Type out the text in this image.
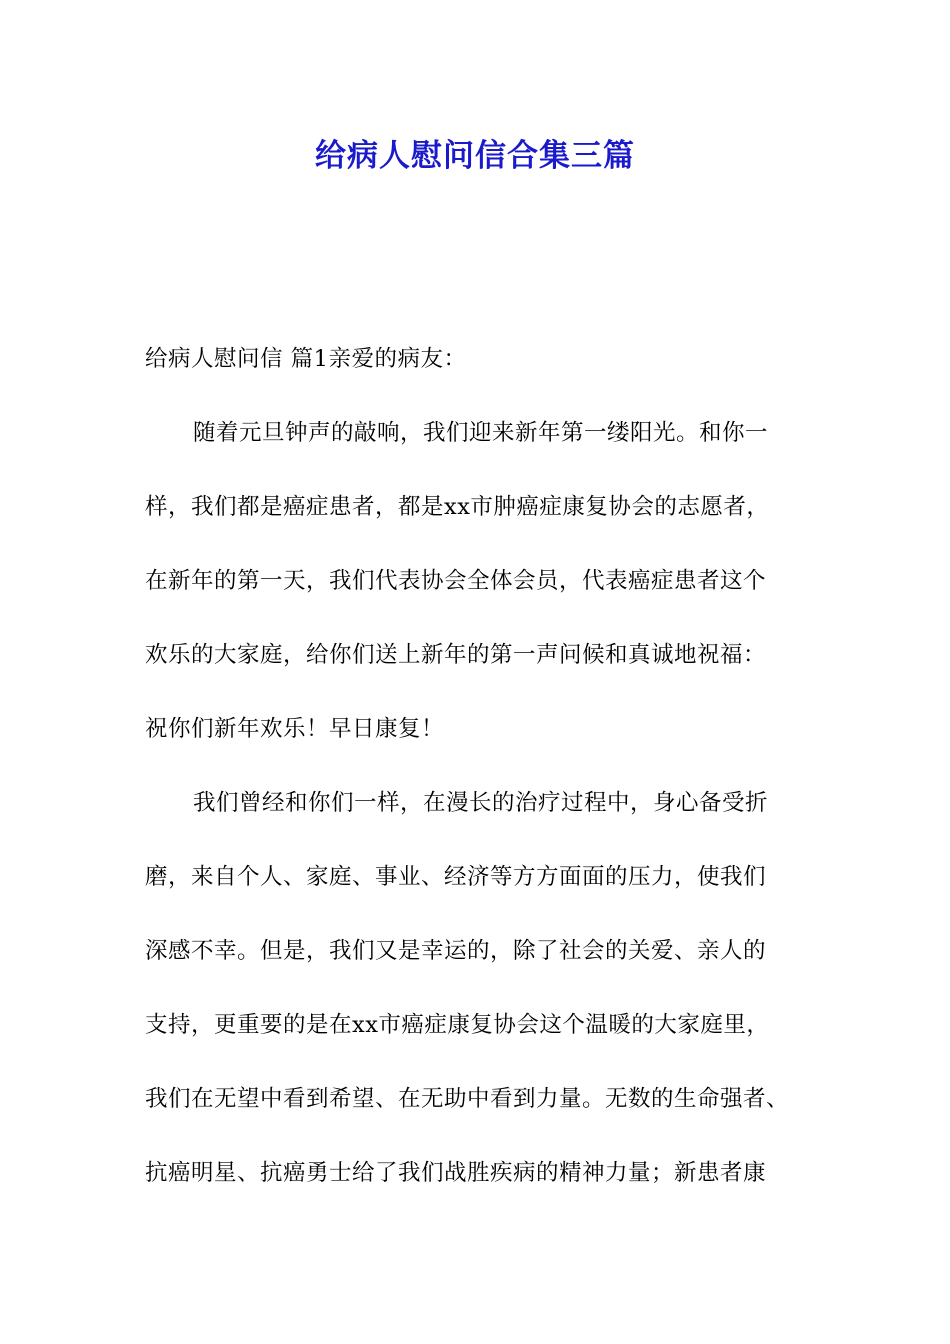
给病人慰问信合集三篇
给病人慰问信 篇1亲爱的病友：
随着元旦钟声的敲响，我们迎来新年第一缕阳光。和你一
样，我们都是癌症患者，都是xx市肿癌症康复协会的志愿者，
在新年的第一天，我们代表协会全体会员，代表癌症患者这个
欢乐的大家庭，给你们送上新年的第一声问候和真诚地祝福：
祝你们新年欢乐！早日康复！
我们曾经和你们一样，在漫长的治疗过程中，身心备受折
磨，来自个人、家庭、事业、经济等方方面面的压力，使我们
深感不幸。但是，我们又是幸运的，除了社会的关爱、亲人的
支持，更重要的是在xx市癌症康复协会这个温暖的大家庭里，
我们在无望中看到希望、在无助中看到力量。无数的生命强者、
抗癌明星、抗癌勇士给了我们战胜疾病的精神力量；新患者康
